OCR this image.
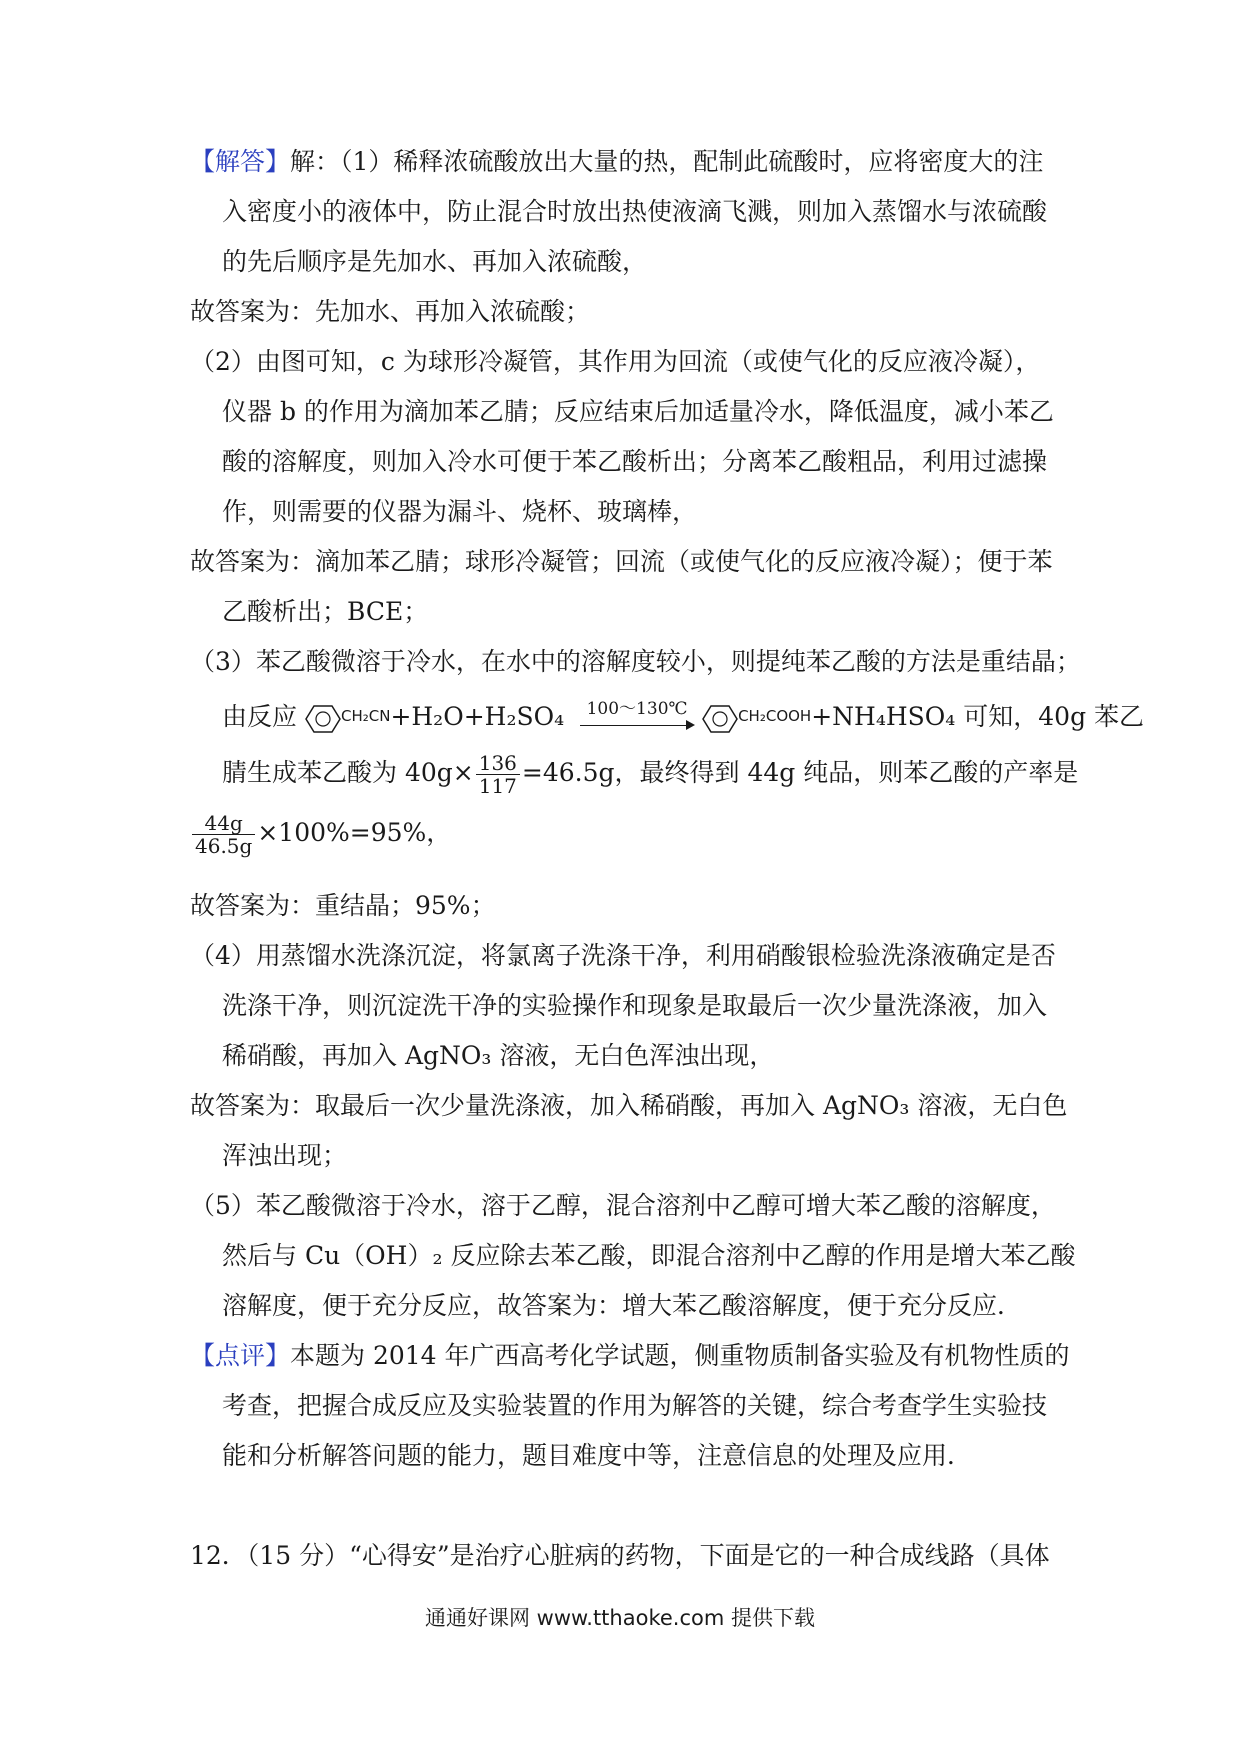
【解答】解：（1）稀释浓硫酸放出大量的热，配制此硫酸时，应将密度大的注
入密度小的液体中，防止混合时放出热使液滴飞溅，则加入蒸馏水与浓硫酸
的先后顺序是先加水、再加入浓硫酸，
故答案为：先加水、再加入浓硫酸；
（2）由图可知，c 为球形冷凝管，其作用为回流（或使气化的反应液冷凝），
仪器 b 的作用为滴加苯乙腈；反应结束后加适量冷水，降低温度，减小苯乙
酸的溶解度，则加入冷水可便于苯乙酸析出；分离苯乙酸粗品，利用过滤操
作，则需要的仪器为漏斗、烧杯、玻璃棒，
故答案为：滴加苯乙腈；球形冷凝管；回流（或使气化的反应液冷凝）；便于苯
乙酸析出；BCE；
（3）苯乙酸微溶于冷水，在水中的溶解度较小，则提纯苯乙酸的方法是重结晶；
由反应	CH₂CN+H₂O+H₂SO₄	100～130℃	CH₂COOH+NH₄HSO₄ 可知，40g 苯乙
腈生成苯乙酸为 $40g\times \frac{136}{117} =46.5g$，最终得到 44g 纯品，则苯乙酸的产率是
$\frac{44g}{46.5g} \times 100\%=95\%$，
故答案为：重结晶；95%；
（4）用蒸馏水洗涤沉淀，将氯离子洗涤干净，利用硝酸银检验洗涤液确定是否
洗涤干净，则沉淀洗干净的实验操作和现象是取最后一次少量洗涤液，加入
稀硝酸，再加入 AgNO₃ 溶液，无白色浑浊出现，
故答案为：取最后一次少量洗涤液，加入稀硝酸，再加入 AgNO₃ 溶液，无白色
浑浊出现；
（5）苯乙酸微溶于冷水，溶于乙醇，混合溶剂中乙醇可增大苯乙酸的溶解度，
然后与 Cu（OH）₂ 反应除去苯乙酸，即混合溶剂中乙醇的作用是增大苯乙酸
溶解度，便于充分反应，故答案为：增大苯乙酸溶解度，便于充分反应．
【点评】本题为 2014 年广西高考化学试题，侧重物质制备实验及有机物性质的
考查，把握合成反应及实验装置的作用为解答的关键，综合考查学生实验技
能和分析解答问题的能力，题目难度中等，注意信息的处理及应用．
12．（15 分）“心得安”是治疗心脏病的药物，下面是它的一种合成线路（具体
通通好课网 www.tthaoke.com 提供下载
